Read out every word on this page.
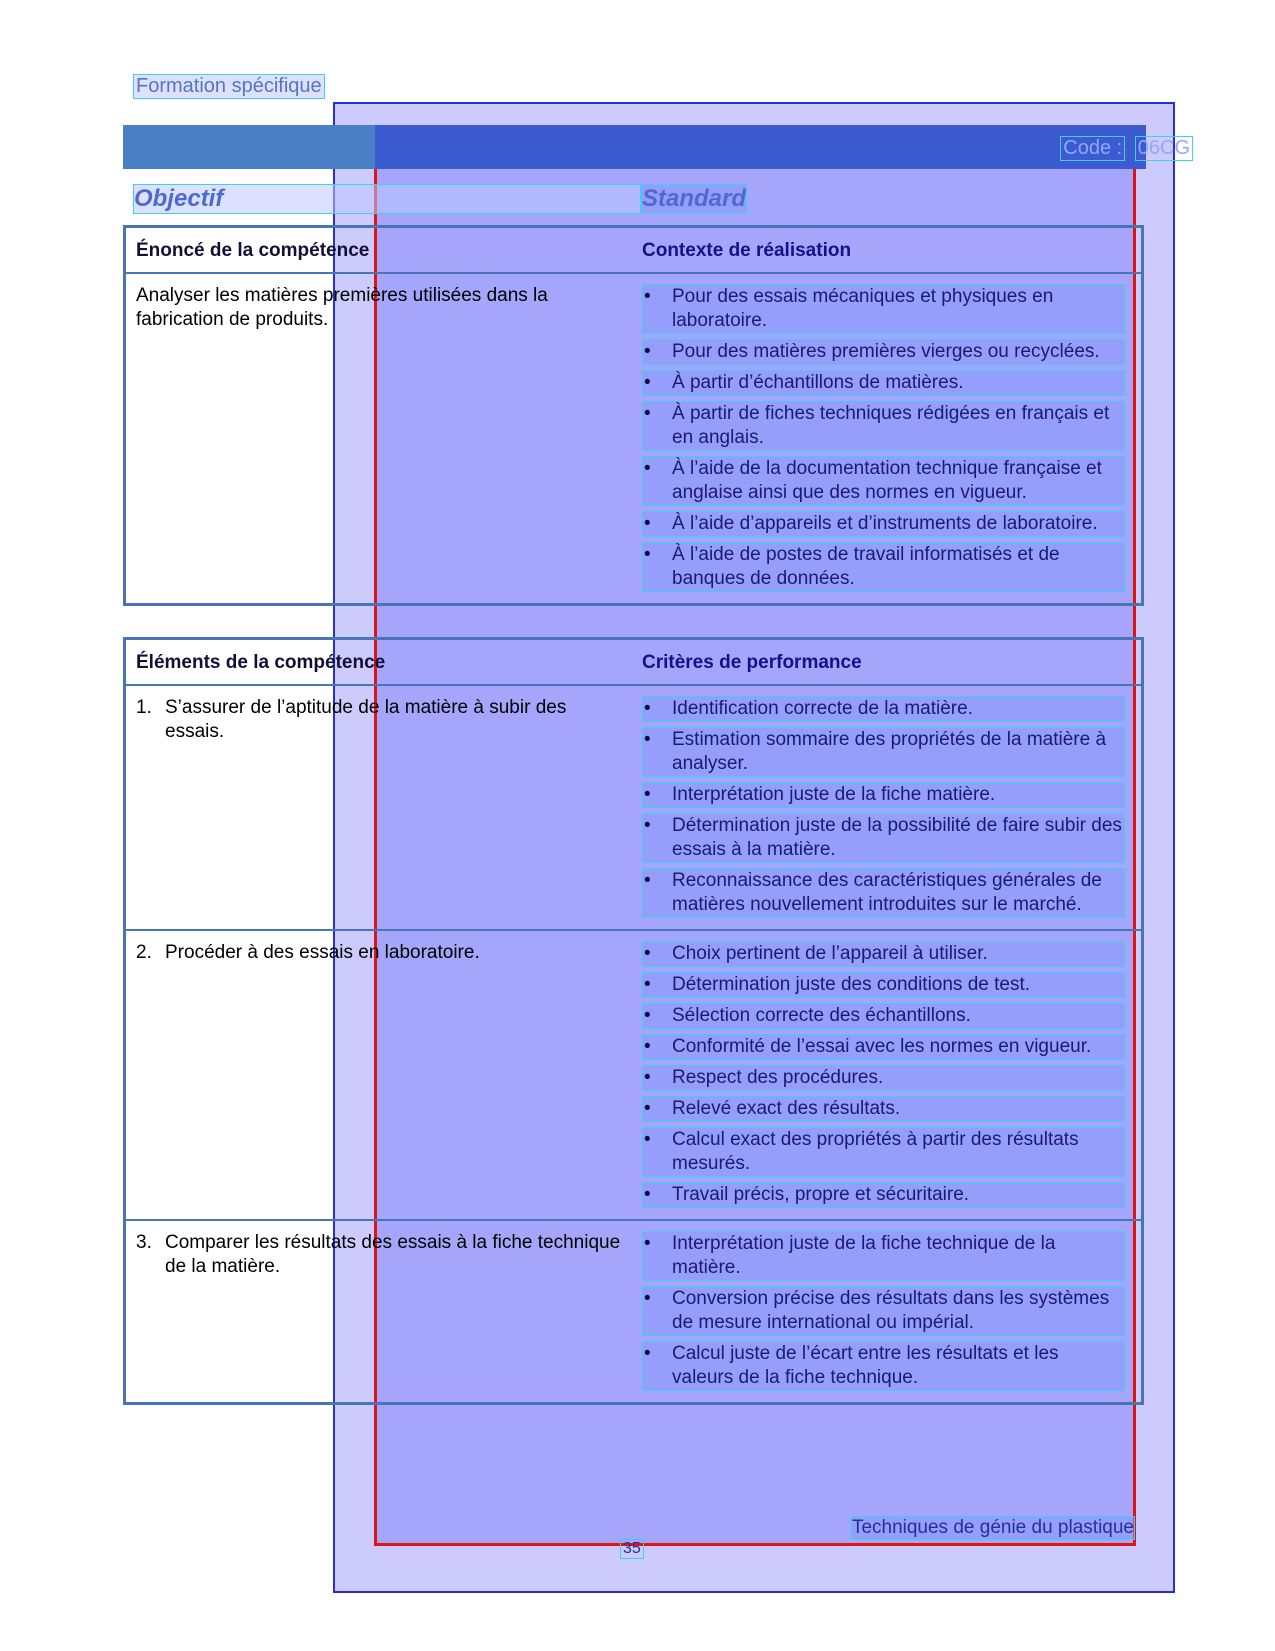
Formation spécifique
Code : 06CG
Objectif	Standard
Énoncé de la compétence	Contexte de réalisation
Analyser les matières premières utilisées dans la fabrication de produits.
• Pour des essais mécaniques et physiques en laboratoire.
• Pour des matières premières vierges ou recyclées.
• À partir d’échantillons de matières.
• À partir de fiches techniques rédigées en français et en anglais.
• À l’aide de la documentation technique française et anglaise ainsi que des normes en vigueur.
• À l’aide d’appareils et d’instruments de laboratoire.
• À l’aide de postes de travail informatisés et de banques de données.
Éléments de la compétence	Critères de performance
1. S’assurer de l’aptitude de la matière à subir des essais.
• Identification correcte de la matière.
• Estimation sommaire des propriétés de la matière à analyser.
• Interprétation juste de la fiche matière.
• Détermination juste de la possibilité de faire subir des essais à la matière.
• Reconnaissance des caractéristiques générales de matières nouvellement introduites sur le marché.
2. Procéder à des essais en laboratoire.
•	Choix pertinent de l’appareil à utiliser.
• Détermination juste des conditions de test.
• Sélection correcte des échantillons.
• Conformité de l’essai avec les normes en vigueur.
• Respect des procédures.
• Relevé exact des résultats.
• Calcul exact des propriétés à partir des résultats mesurés.
• Travail précis, propre et sécuritaire.
3. Comparer les résultats des essais à la fiche technique de la matière.
• Interprétation juste de la fiche technique de la matière.
• Conversion précise des résultats dans les systèmes de mesure international ou impérial.
• Calcul juste de l’écart entre les résultats et les valeurs de la fiche technique.
Techniques de génie du plastique
35
